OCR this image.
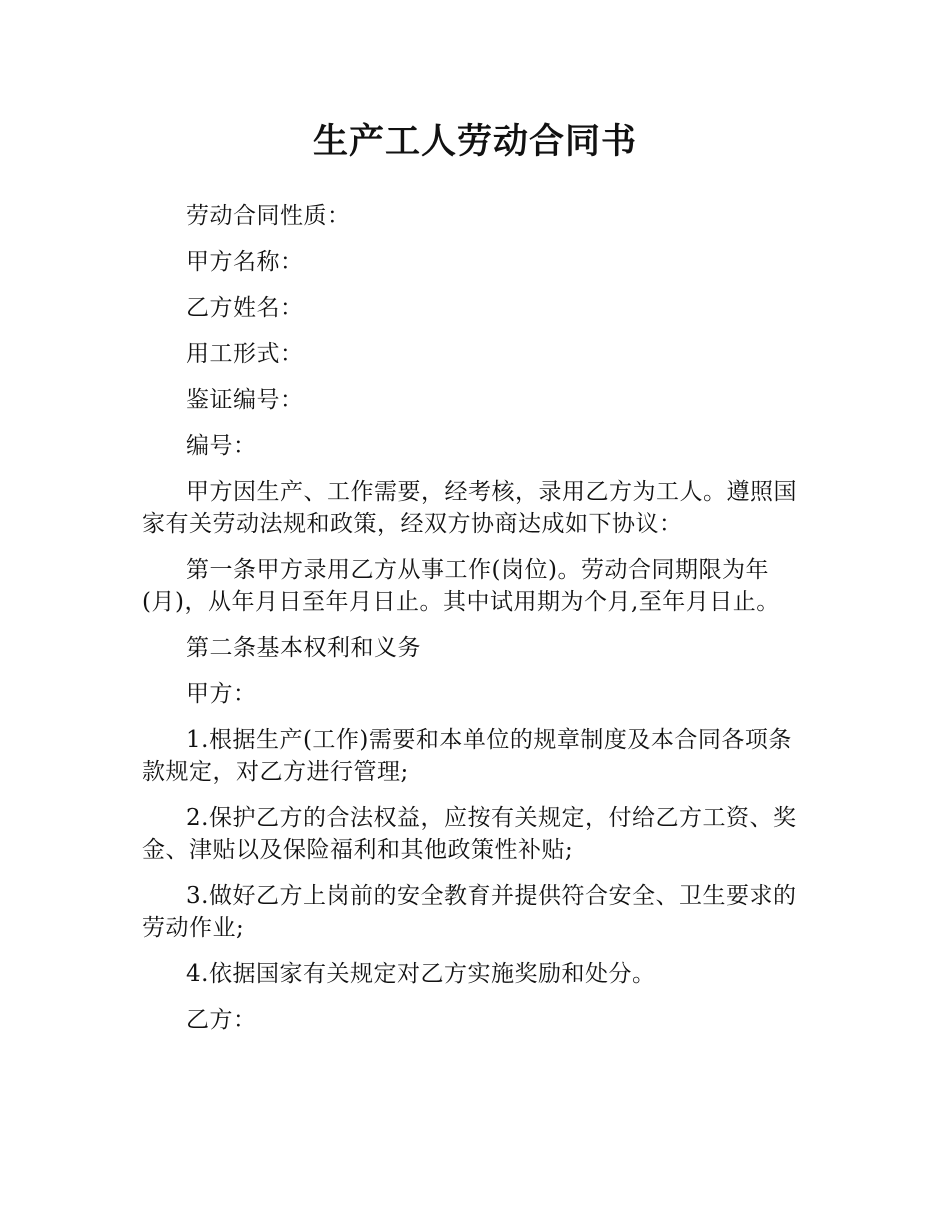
生产工人劳动合同书

劳动合同性质：

甲方名称：

乙方姓名：

用工形式：

鉴证编号：

编号：

甲方因生产、工作需要，经考核，录用乙方为工人。遵照国家有关劳动法规和政策，经双方协商达成如下协议：

第一条甲方录用乙方从事工作(岗位)。劳动合同期限为年(月)，从年月日至年月日止。其中试用期为个月,至年月日止。

第二条基本权利和义务

甲方：

1.根据生产(工作)需要和本单位的规章制度及本合同各项条款规定，对乙方进行管理;

2.保护乙方的合法权益，应按有关规定，付给乙方工资、奖金、津贴以及保险福利和其他政策性补贴;

3.做好乙方上岗前的安全教育并提供符合安全、卫生要求的劳动作业;

4.依据国家有关规定对乙方实施奖励和处分。

乙方：
